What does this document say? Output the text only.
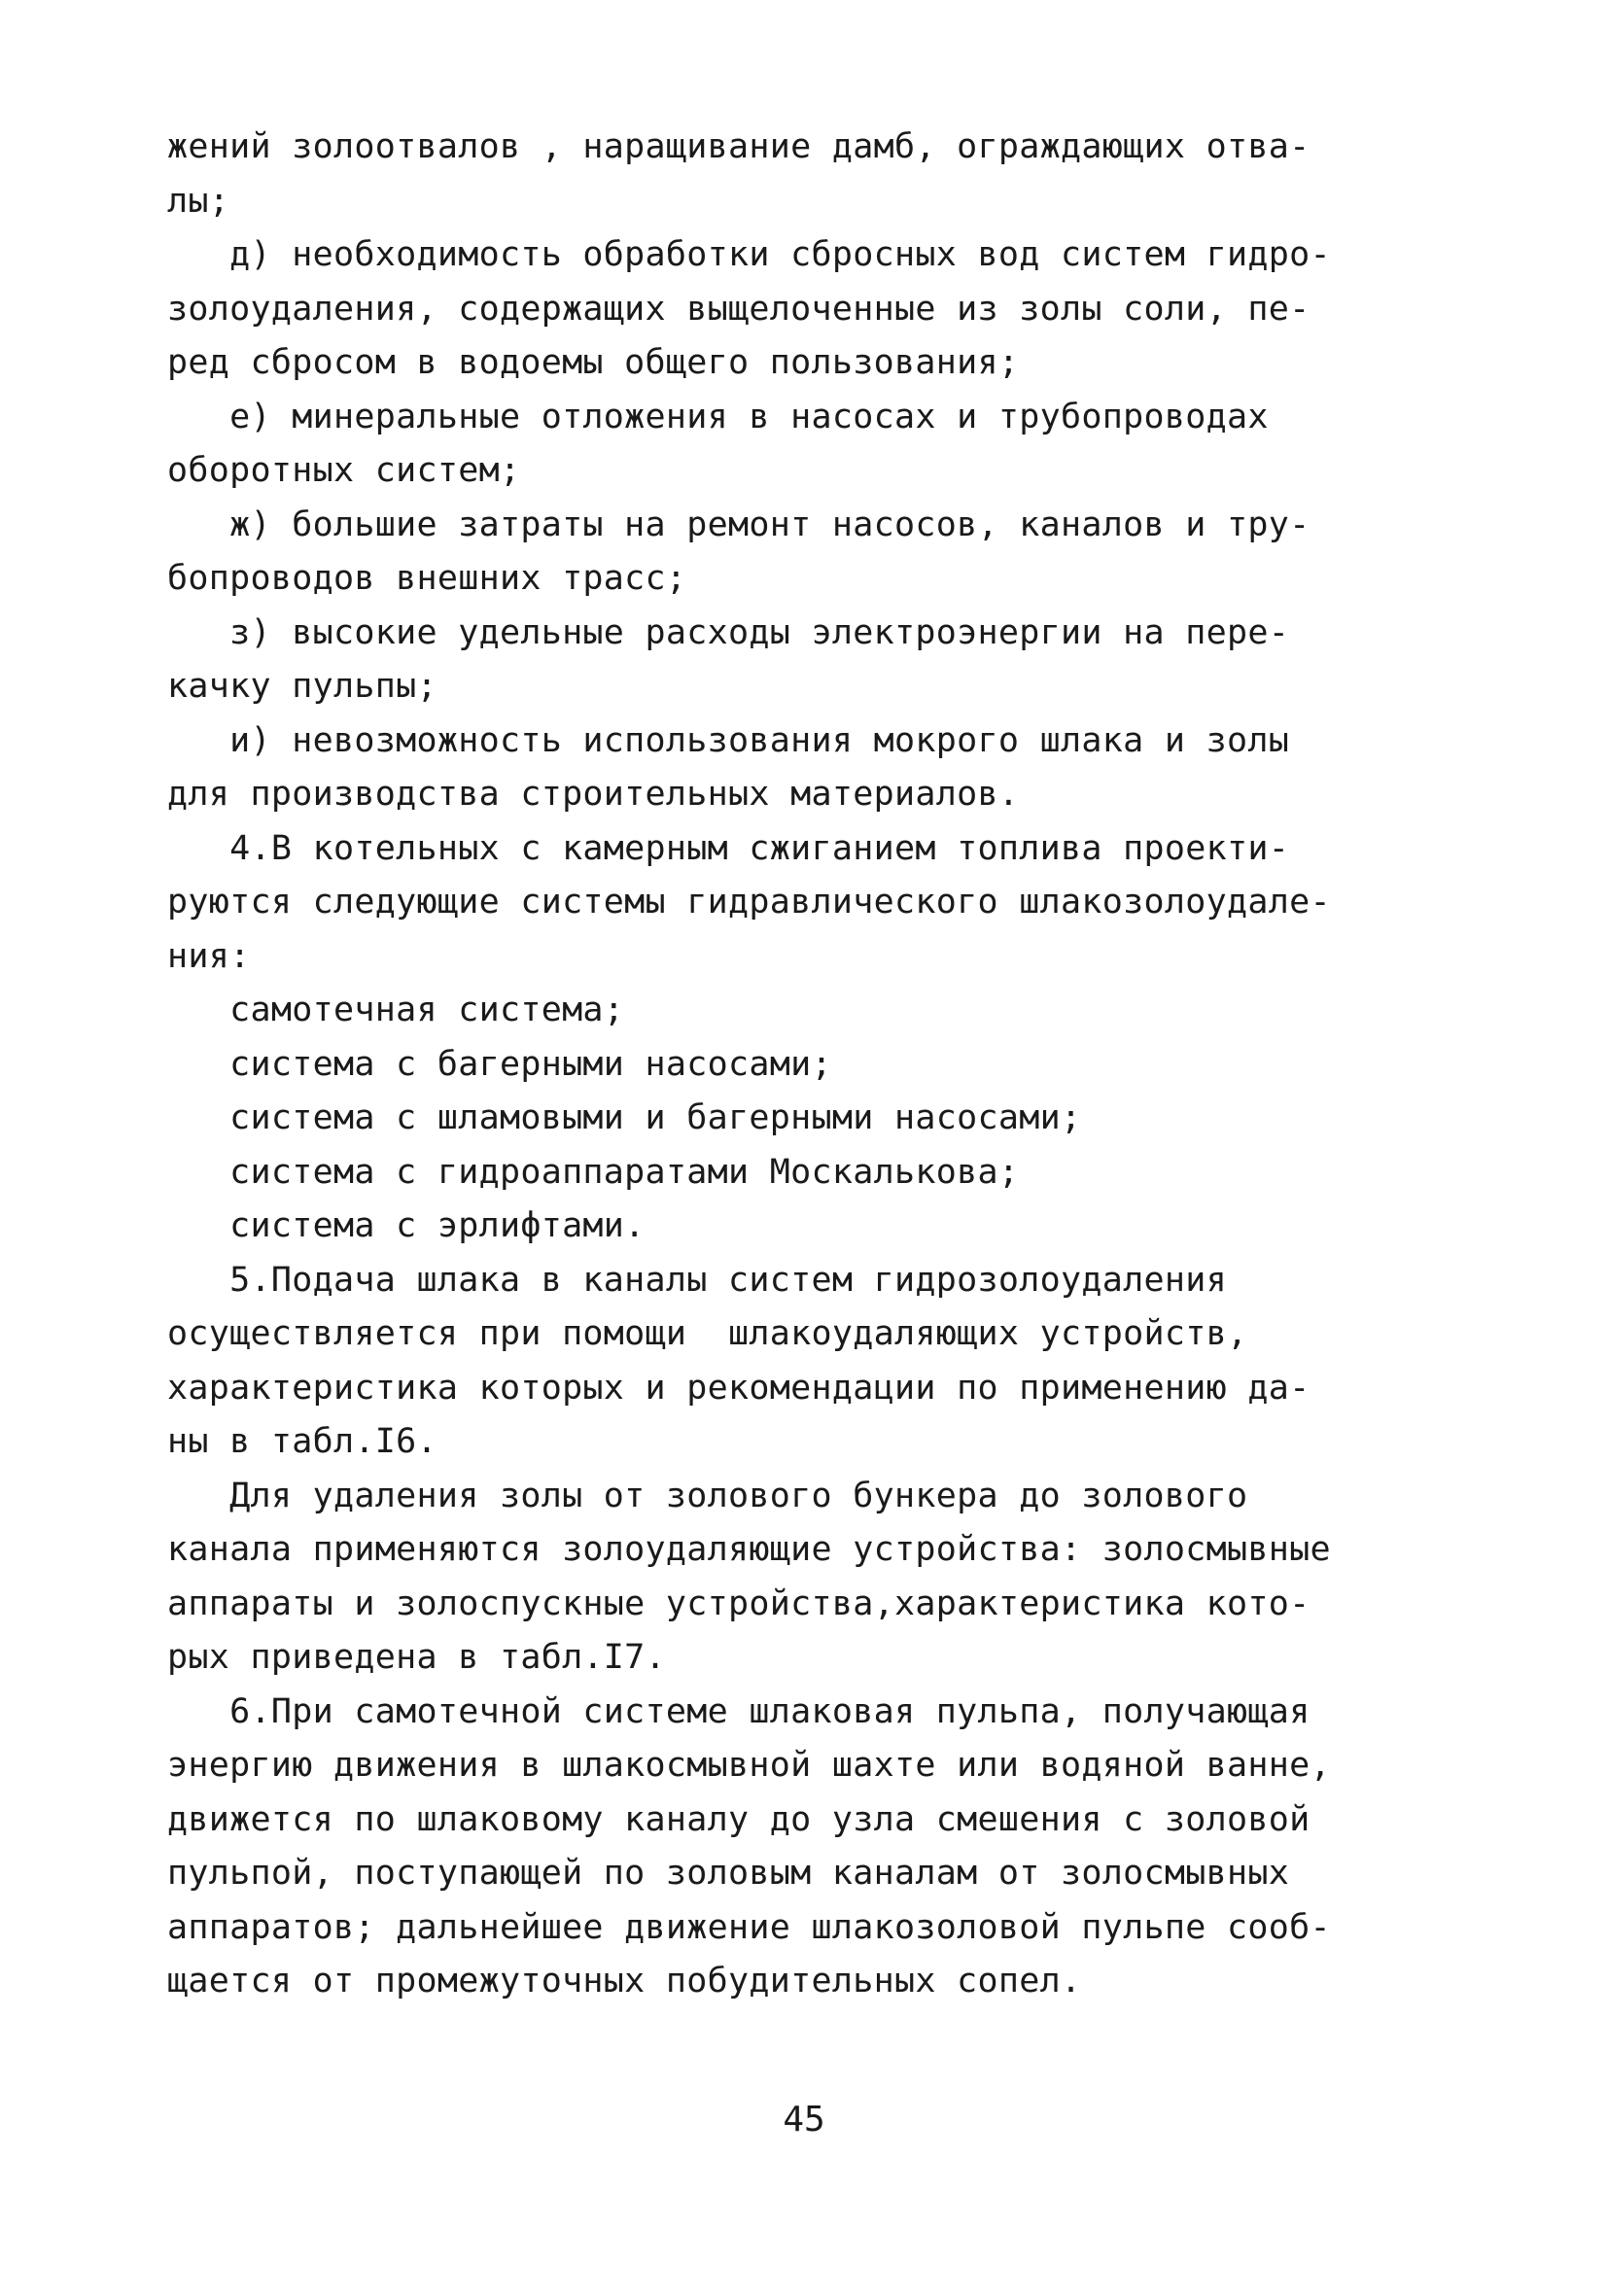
жений золоотвалов , наращивание дамб, ограждающих отва-
лы;
д) необходимость обработки сбросных вод систем гидро-
золоудаления, содержащих выщелоченные из золы соли, пе-
ред сбросом в водоемы общего пользования;
е) минеральные отложения в насосах и трубопроводах
оборотных систем;
ж) большие затраты на ремонт насосов, каналов и тру-
бопроводов внешних трасс;
з) высокие удельные расходы электроэнергии на пере-
качку пульпы;
и) невозможность использования мокрого шлака и золы
для производства строительных материалов.
4.В котельных с камерным сжиганием топлива проекти-
руются следующие системы гидравлического шлакозолоудале-
ния:
самотечная система;
система с багерными насосами;
система с шламовыми и багерными насосами;
система с гидроаппаратами Москалькова;
система с эрлифтами.
5.Подача шлака в каналы систем гидрозолоудаления
осуществляется при помощи  шлакоудаляющих устройств,
характеристика которых и рекомендации по применению да-
ны в табл.I6.
Для удаления золы от золового бункера до золового
канала применяются золоудаляющие устройства: золосмывные
аппараты и золоспускные устройства,характеристика кото-
рых приведена в табл.I7.
6.При самотечной системе шлаковая пульпа, получающая
энергию движения в шлакосмывной шахте или водяной ванне,
движется по шлаковому каналу до узла смешения с золовой
пульпой, поступающей по золовым каналам от золосмывных
аппаратов; дальнейшее движение шлакозоловой пульпе сооб-
щается от промежуточных побудительных сопел.
45
